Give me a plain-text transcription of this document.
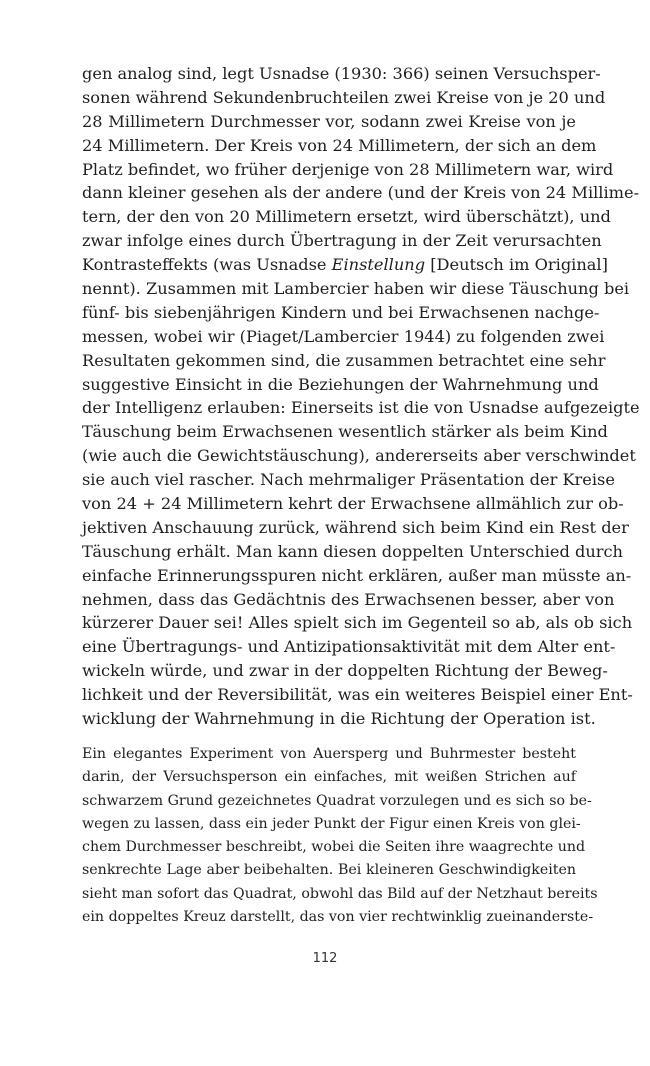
gen analog sind, legt Usnadse (1930: 366) seinen Versuchsper-
sonen während Sekundenbruchteilen zwei Kreise von je 20 und
28 Millimetern Durchmesser vor, sodann zwei Kreise von je
24 Millimetern. Der Kreis von 24 Millimetern, der sich an dem
Platz befindet, wo früher derjenige von 28 Millimetern war, wird
dann kleiner gesehen als der andere (und der Kreis von 24 Millime-
tern, der den von 20 Millimetern ersetzt, wird überschätzt), und
zwar infolge eines durch Übertragung in der Zeit verursachten
Kontrasteffekts (was Usnadse Einstellung [Deutsch im Original]
nennt). Zusammen mit Lambercier haben wir diese Täuschung bei
fünf- bis siebenjährigen Kindern und bei Erwachsenen nachge-
messen, wobei wir (Piaget/Lambercier 1944) zu folgenden zwei
Resultaten gekommen sind, die zusammen betrachtet eine sehr
suggestive Einsicht in die Beziehungen der Wahrnehmung und
der Intelligenz erlauben: Einerseits ist die von Usnadse aufgezeigte
Täuschung beim Erwachsenen wesentlich stärker als beim Kind
(wie auch die Gewichtstäuschung), andererseits aber verschwindet
sie auch viel rascher. Nach mehrmaliger Präsentation der Kreise
von 24 + 24 Millimetern kehrt der Erwachsene allmählich zur ob-
jektiven Anschauung zurück, während sich beim Kind ein Rest der
Täuschung erhält. Man kann diesen doppelten Unterschied durch
einfache Erinnerungsspuren nicht erklären, außer man müsste an-
nehmen, dass das Gedächtnis des Erwachsenen besser, aber von
kürzerer Dauer sei! Alles spielt sich im Gegenteil so ab, als ob sich
eine Übertragungs- und Antizipationsaktivität mit dem Alter ent-
wickeln würde, und zwar in der doppelten Richtung der Beweg-
lichkeit und der Reversibilität, was ein weiteres Beispiel einer Ent-
wicklung der Wahrnehmung in die Richtung der Operation ist.
Ein elegantes Experiment von Auersperg und Buhrmester besteht
darin, der Versuchsperson ein einfaches, mit weißen Strichen auf
schwarzem Grund gezeichnetes Quadrat vorzulegen und es sich so be-
wegen zu lassen, dass ein jeder Punkt der Figur einen Kreis von glei-
chem Durchmesser beschreibt, wobei die Seiten ihre waagrechte und
senkrechte Lage aber beibehalten. Bei kleineren Geschwindigkeiten
sieht man sofort das Quadrat, obwohl das Bild auf der Netzhaut bereits
ein doppeltes Kreuz darstellt, das von vier rechtwinklig zueinanderste-
112
